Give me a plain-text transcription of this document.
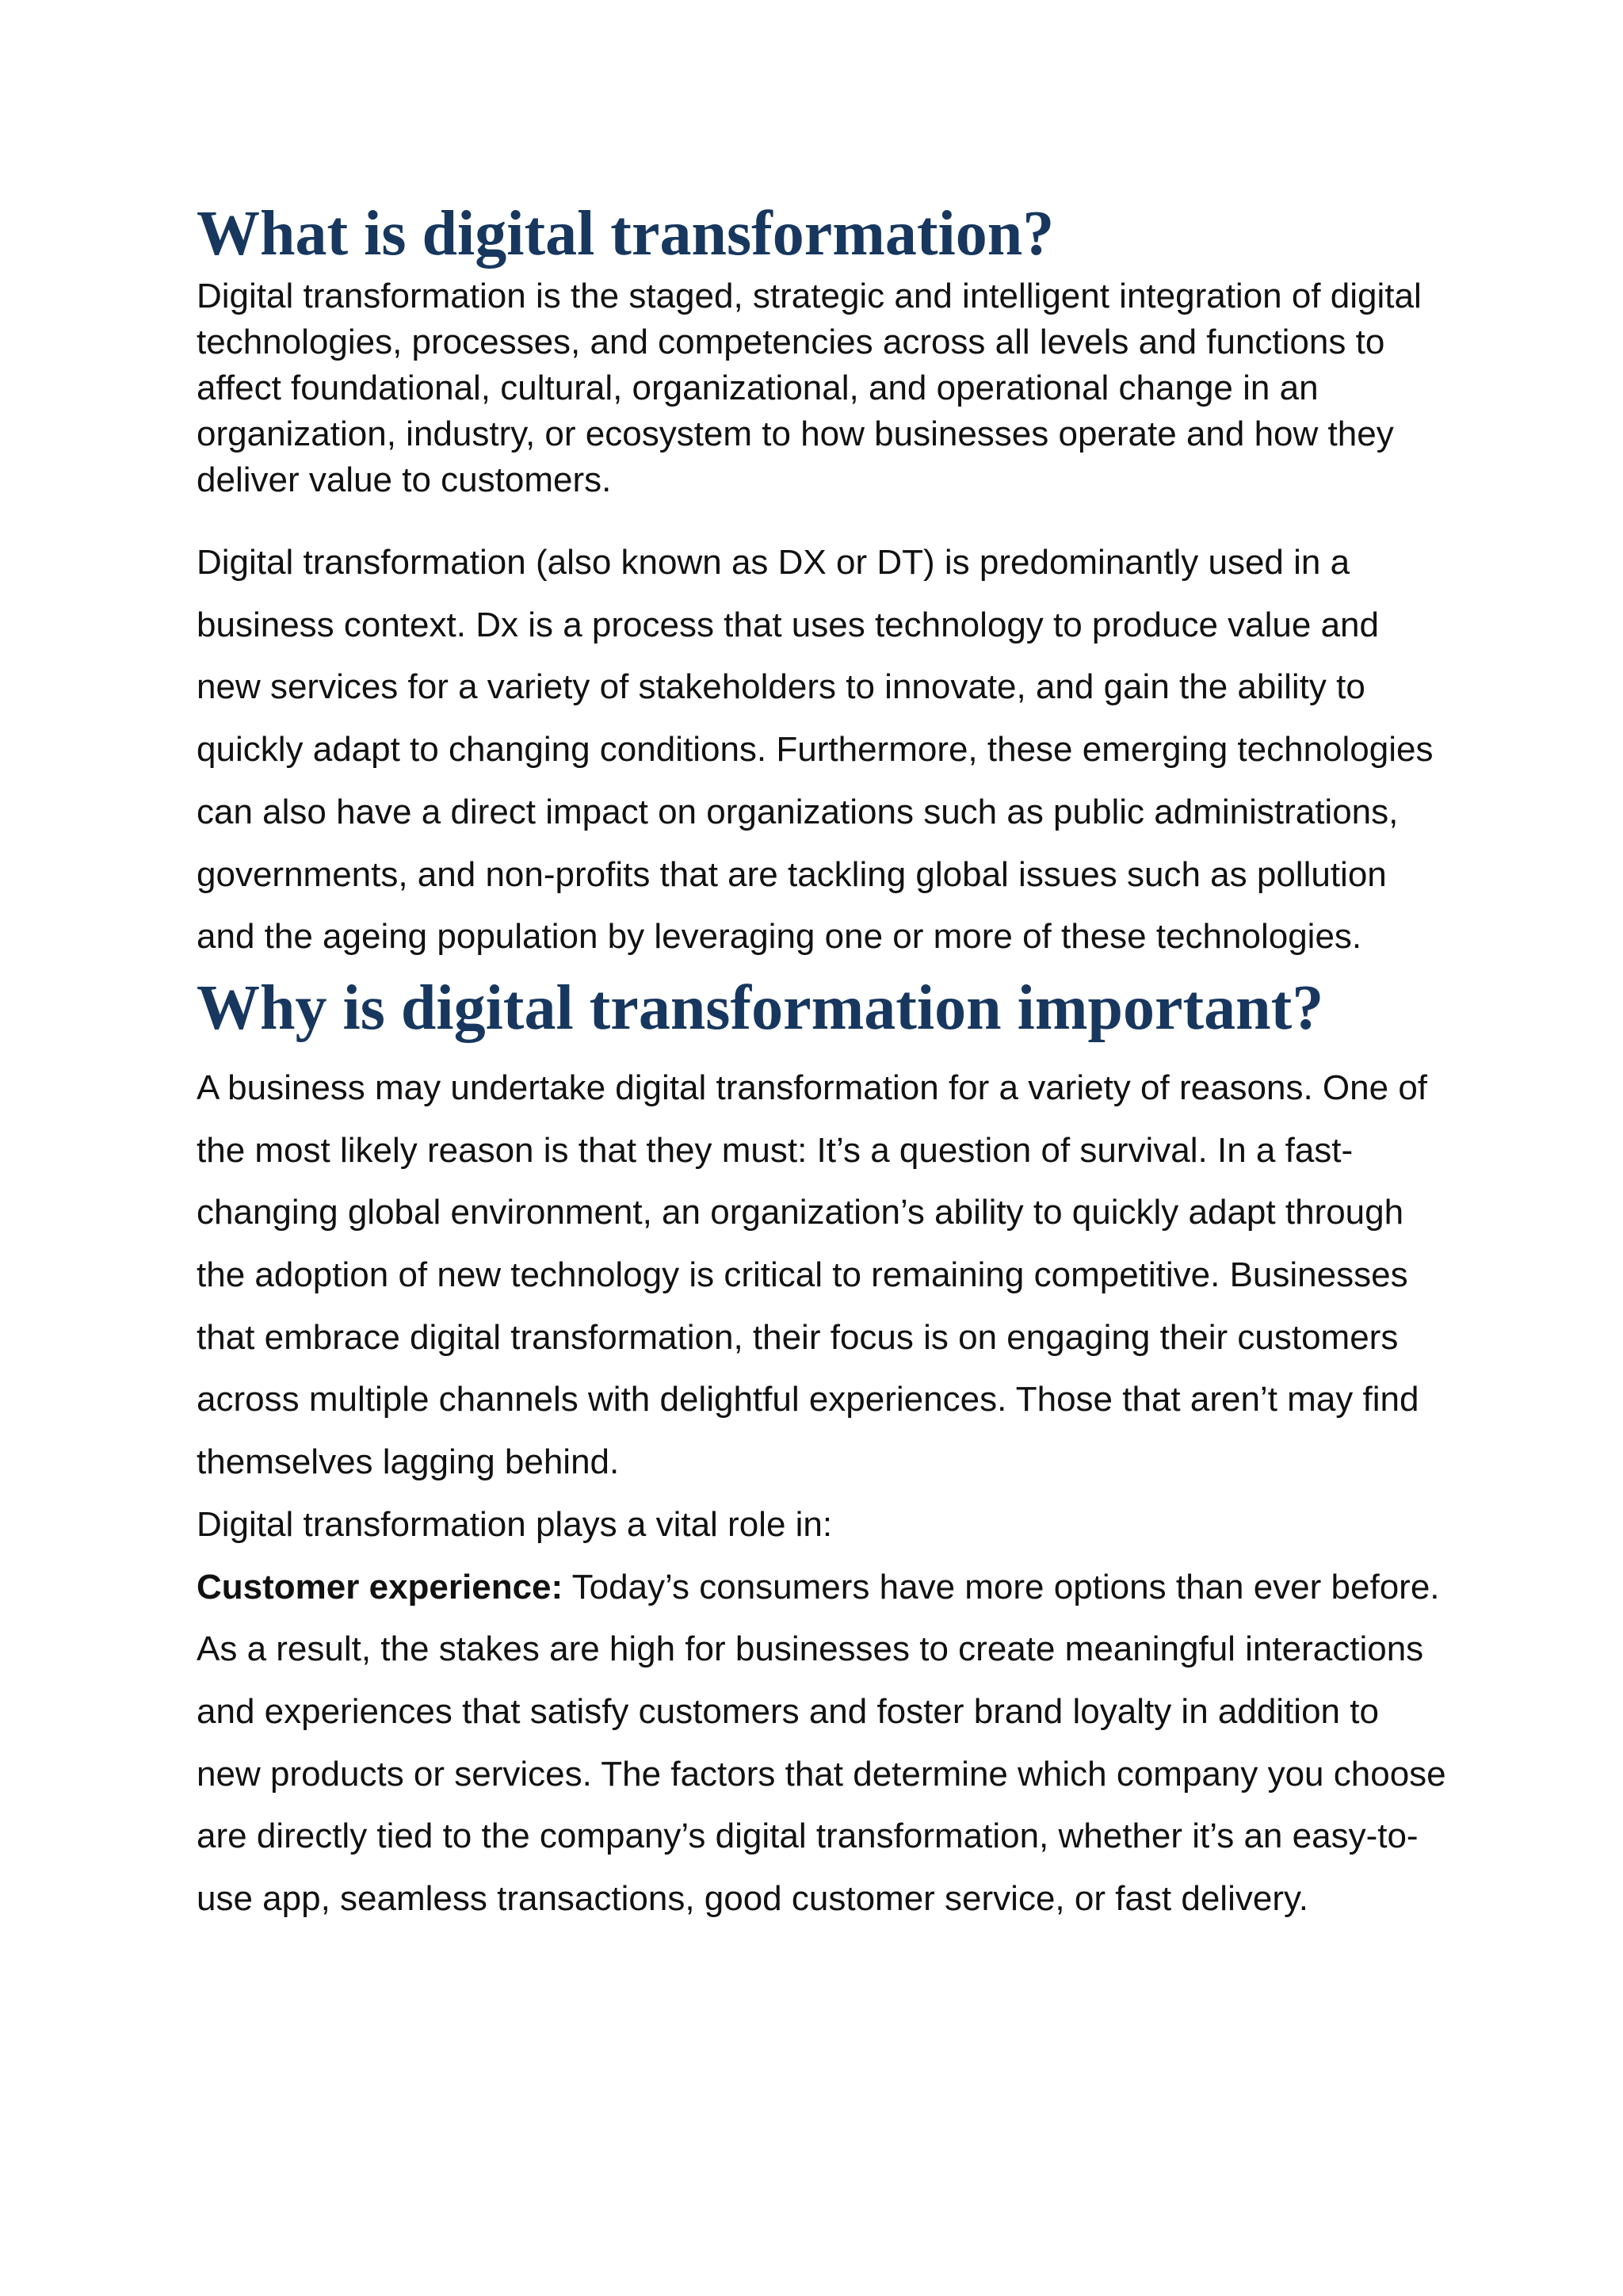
What is digital transformation?

Digital transformation is the staged, strategic and intelligent integration of digital technologies, processes, and competencies across all levels and functions to affect foundational, cultural, organizational, and operational change in an organization, industry, or ecosystem to how businesses operate and how they deliver value to customers.

Digital transformation (also known as DX or DT) is predominantly used in a business context. Dx is a process that uses technology to produce value and new services for a variety of stakeholders to innovate, and gain the ability to quickly adapt to changing conditions. Furthermore, these emerging technologies can also have a direct impact on organizations such as public administrations, governments, and non-profits that are tackling global issues such as pollution and the ageing population by leveraging one or more of these technologies.

Why is digital transformation important?

A business may undertake digital transformation for a variety of reasons. One of the most likely reason is that they must: It’s a question of survival. In a fast-changing global environment, an organization’s ability to quickly adapt through the adoption of new technology is critical to remaining competitive. Businesses that embrace digital transformation, their focus is on engaging their customers across multiple channels with delightful experiences. Those that aren’t may find themselves lagging behind.

Digital transformation plays a vital role in:

Customer experience: Today’s consumers have more options than ever before. As a result, the stakes are high for businesses to create meaningful interactions and experiences that satisfy customers and foster brand loyalty in addition to new products or services. The factors that determine which company you choose are directly tied to the company’s digital transformation, whether it’s an easy-to-use app, seamless transactions, good customer service, or fast delivery.
